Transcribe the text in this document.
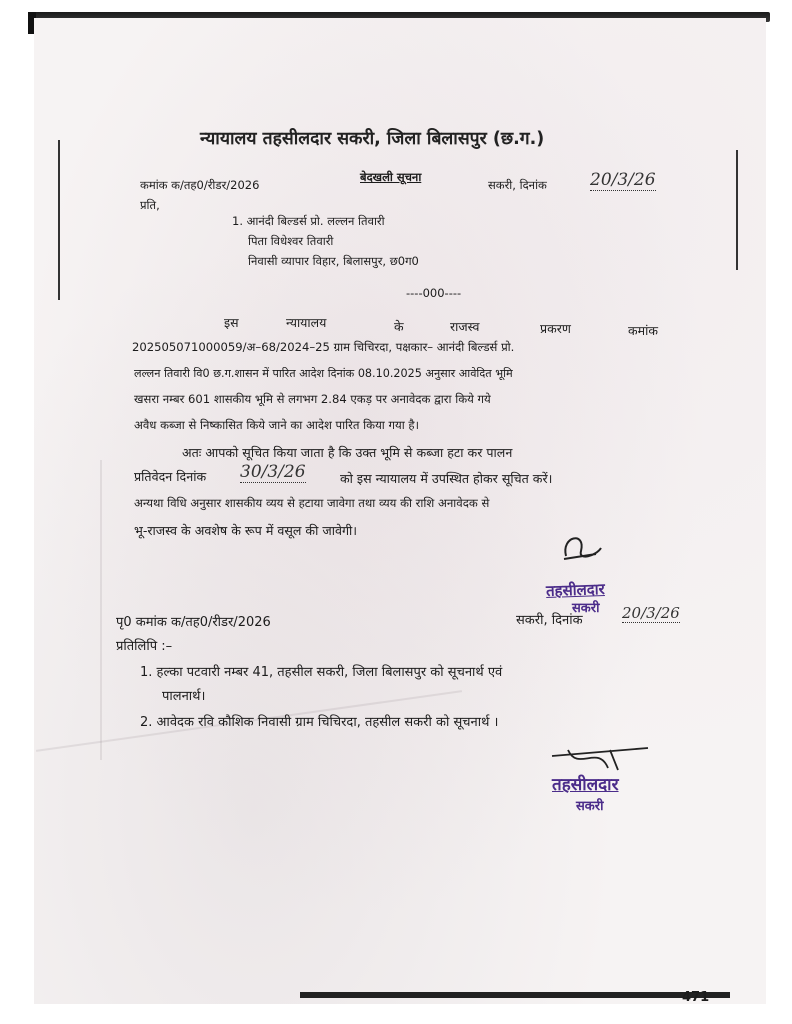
न्यायालय तहसीलदार सकरी, जिला बिलासपुर (छ.ग.)
कमांक क/तह0/रीडर/2026
बेदखली सूचना
सकरी, दिनांक	20/3/26
प्रति,
1. आनंदी बिल्डर्स प्रो. लल्लन तिवारी
पिता विधेश्वर तिवारी
निवासी व्यापार विहार, बिलासपुर, छ0ग0
----000----
इस	न्यायालय	के	राजस्व	प्रकरण	कमांक
202505071000059/अ–68/2024–25 ग्राम चिचिरदा, पक्षकार– आनंदी बिल्डर्स प्रो.
लल्लन तिवारी वि0 छ.ग.शासन में पारित आदेश दिनांक 08.10.2025 अनुसार आवेदित भूमि
खसरा नम्बर 601 शासकीय भूमि से लगभग 2.84 एकड़ पर अनावेदक द्वारा किये गये
अवैध कब्जा से निष्कासित किये जाने का आदेश पारित किया गया है।
अतः आपको सूचित किया जाता है कि उक्त भूमि से कब्जा हटा कर पालन
प्रतिवेदन दिनांक 30/3/26	को इस न्यायालय में उपस्थित होकर सूचित करें।
अन्यथा विधि अनुसार शासकीय व्यय से हटाया जावेगा तथा व्यय की राशि अनावेदक से
भू-राजस्व के अवशेष के रूप में वसूल की जावेगी।
तहसीलदार
सकरी
पृ0 कमांक क/तह0/रीडर/2026	सकरी, दिनांक	20/3/26
प्रतिलिपि :–
1. हल्का पटवारी नम्बर 41, तहसील सकरी, जिला बिलासपुर को सूचनार्थ एवं
पालनार्थ।
2. आवेदक रवि कौशिक निवासी ग्राम चिचिरदा, तहसील सकरी को सूचनार्थ ।
तहसीलदार
सकरी
471
